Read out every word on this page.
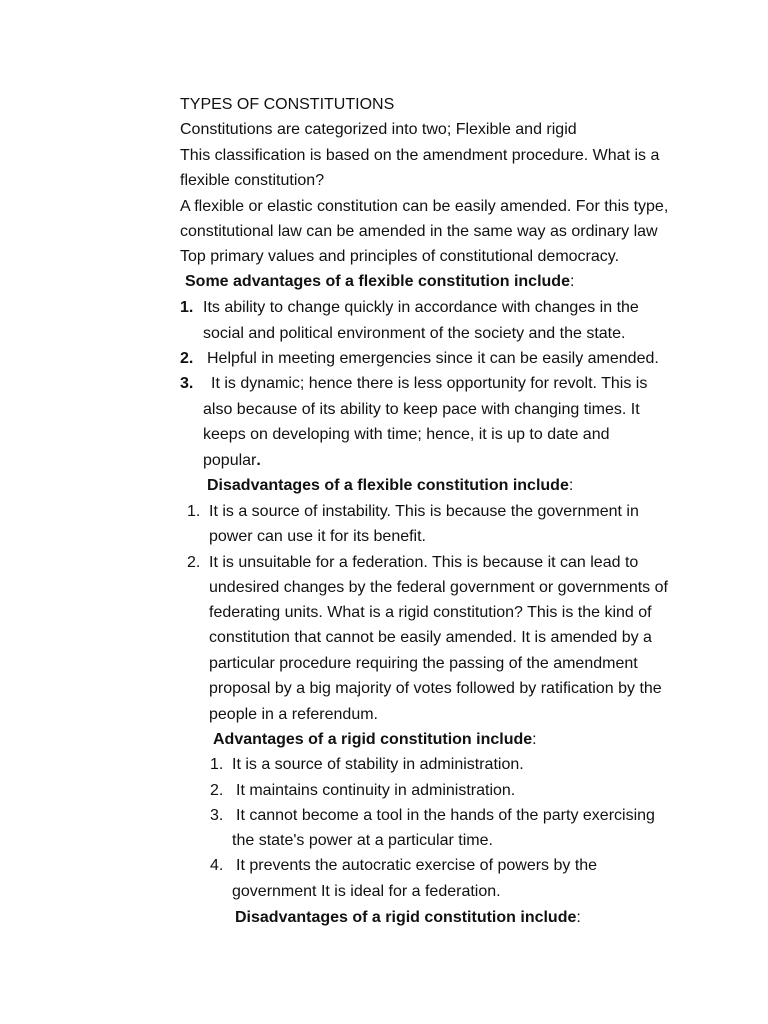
TYPES OF CONSTITUTIONS

Constitutions are categorized into two; Flexible and rigid

This classification is based on the amendment procedure. What is a

flexible constitution?

A flexible or elastic constitution can be easily amended. For this type,

constitutional law can be amended in the same way as ordinary law

Top primary values and principles of constitutional democracy.

Some advantages of a flexible constitution include:

1. Its ability to change quickly in accordance with changes in the

social and political environment of the society and the state.

2. Helpful in meeting emergencies since it can be easily amended.

3. It is dynamic; hence there is less opportunity for revolt. This is

also because of its ability to keep pace with changing times. It

keeps on developing with time; hence, it is up to date and

popular.

Disadvantages of a flexible constitution include:

1. It is a source of instability. This is because the government in

power can use it for its benefit.

2. It is unsuitable for a federation. This is because it can lead to

undesired changes by the federal government or governments of

federating units. What is a rigid constitution? This is the kind of

constitution that cannot be easily amended. It is amended by a

particular procedure requiring the passing of the amendment

proposal by a big majority of votes followed by ratification by the

people in a referendum.

Advantages of a rigid constitution include:

1. It is a source of stability in administration.

2. It maintains continuity in administration.

3. It cannot become a tool in the hands of the party exercising

the state's power at a particular time.

4. It prevents the autocratic exercise of powers by the

government It is ideal for a federation.

Disadvantages of a rigid constitution include:
